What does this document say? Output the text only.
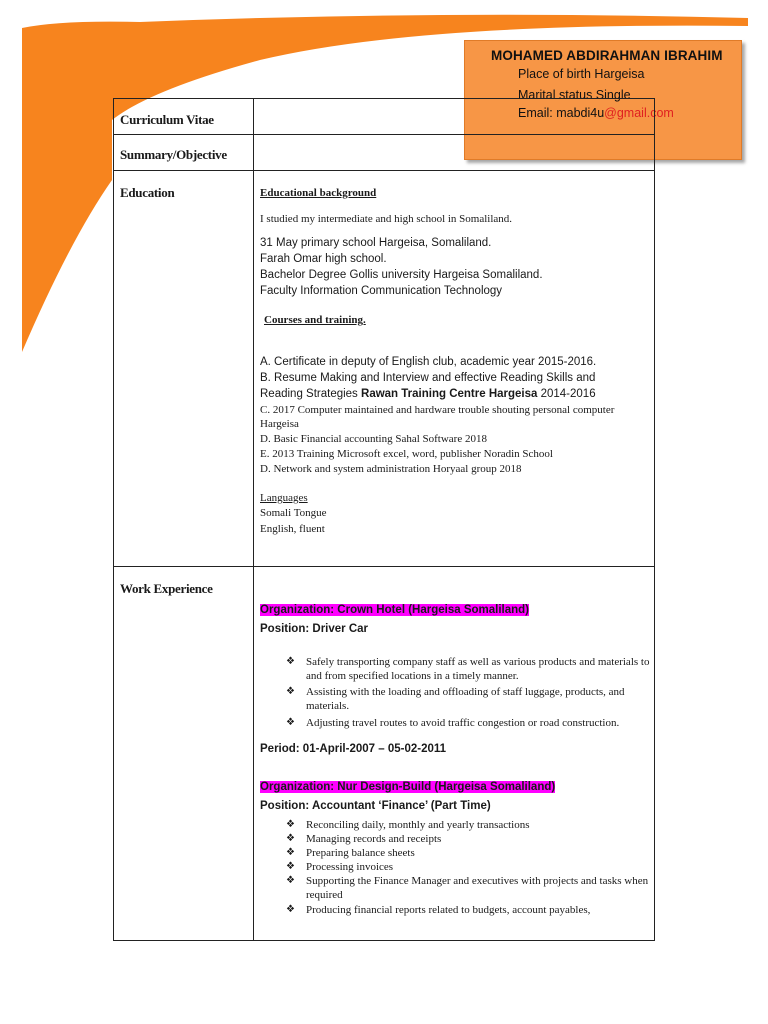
MOHAMED ABDIRAHMAN IBRAHIM
Place of birth Hargeisa
Marital status Single
Email: mabdi4u@gmail.com
Curriculum Vitae
Summary/Objective
Education
Work Experience
Educational background
I studied my intermediate and high school in Somaliland.
31 May primary school Hargeisa, Somaliland.
Farah Omar high school.
Bachelor Degree Gollis university Hargeisa Somaliland.
Faculty Information Communication Technology
Courses and training.
A. Certificate in deputy of English club, academic year 2015-2016.
B. Resume Making and Interview and effective Reading Skills and
Reading Strategies Rawan Training Centre Hargeisa 2014-2016
C. 2017 Computer maintained and hardware trouble shouting personal computer Hargeisa
D. Basic Financial accounting Sahal Software 2018
E. 2013 Training Microsoft excel, word, publisher Noradin School
D. Network and system administration Horyaal group 2018
Languages
Somali Tongue
English, fluent
Organization: Crown Hotel (Hargeisa Somaliland)
Position: Driver Car
❖ Safely transporting company staff as well as various products and materials to and from specified locations in a timely manner.
❖ Assisting with the loading and offloading of staff luggage, products, and materials.
❖ Adjusting travel routes to avoid traffic congestion or road construction.
Period: 01-April-2007 – 05-02-2011
Organization: Nur Design-Build (Hargeisa Somaliland)
Position: Accountant ‘Finance’ (Part Time)
❖ Reconciling daily, monthly and yearly transactions
❖ Managing records and receipts
❖ Preparing balance sheets
❖ Processing invoices
❖ Supporting the Finance Manager and executives with projects and tasks when required
❖ Producing financial reports related to budgets, account payables,
